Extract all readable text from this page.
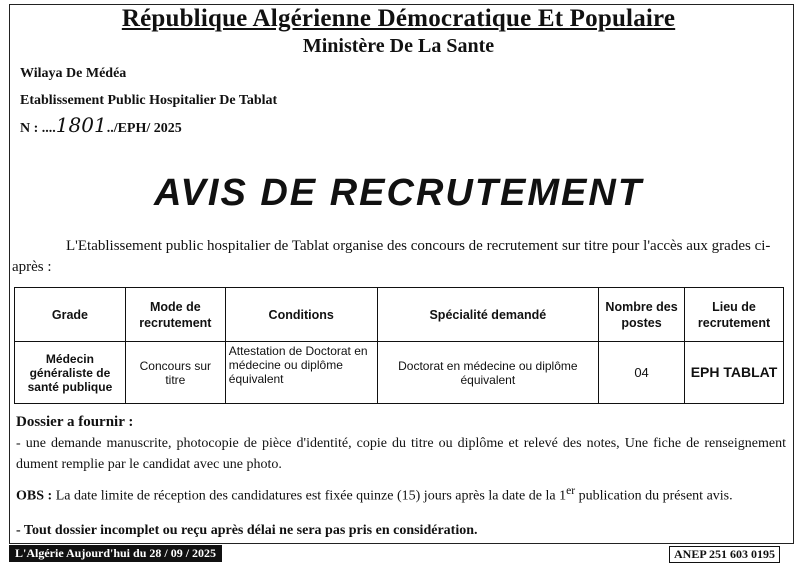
République Algérienne Démocratique Et Populaire
Ministère De La Sante
Wilaya De Médéa
Etablissement Public Hospitalier De Tablat
N : ....1801../EPH/ 2025
AVIS DE RECRUTEMENT
L'Etablissement public hospitalier de Tablat organise des concours de recrutement sur titre pour l'accès aux grades ci-après :
Grade	Mode de recrutement	Conditions	Spécialité demandé	Nombre des postes	Lieu de recrutement
Médecin généraliste de santé publique	Concours sur titre	Attestation de Doctorat en médecine ou diplôme équivalent	Doctorat en médecine ou diplôme équivalent	04	EPH TABLAT
Dossier a fournir :
- une demande manuscrite, photocopie de pièce d'identité, copie du titre ou diplôme et relevé des notes, Une fiche de renseignement dument remplie par le candidat avec une photo.
OBS : La date limite de réception des candidatures est fixée quinze (15) jours après la date de la 1er publication du présent avis.
- Tout dossier incomplet ou reçu après délai ne sera pas pris en considération.
L'Algérie Aujourd'hui du 28 / 09 / 2025	ANEP 251 603 0195
